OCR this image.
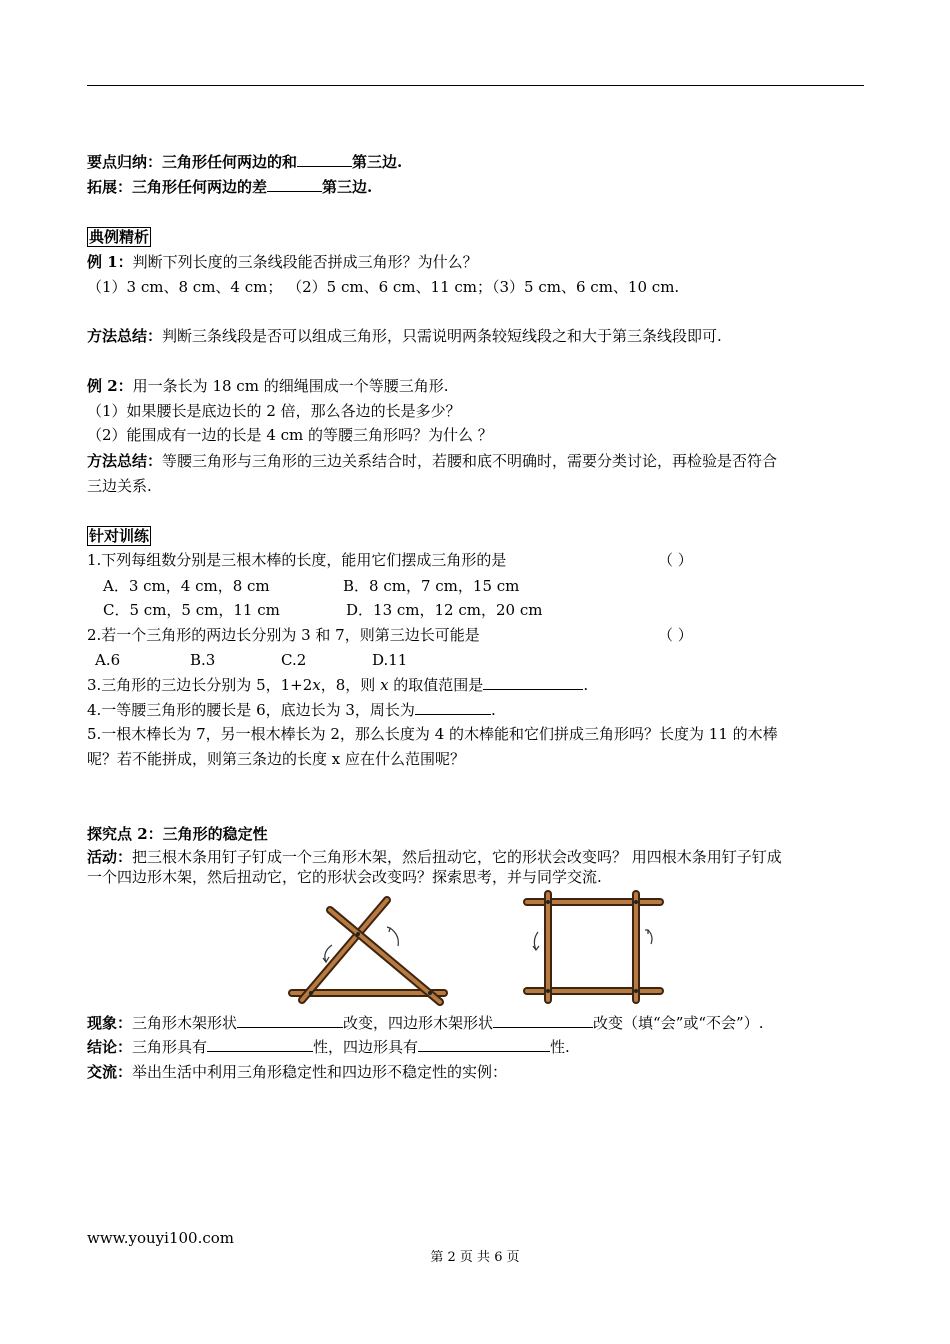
要点归纳：三角形任何两边的和	第三边.
拓展：三角形任何两边的差	第三边.
典例精析
例 1：判断下列长度的三条线段能否拼成三角形？为什么？
（1）3 cm、8 cm、4 cm； （2）5 cm、6 cm、11 cm；（3）5 cm、6 cm、10 cm.
方法总结：判断三条线段是否可以组成三角形，只需说明两条较短线段之和大于第三条线段即可.
例 2：用一条长为 18 cm 的细绳围成一个等腰三角形.
（1）如果腰长是底边长的 2 倍，那么各边的长是多少？
（2）能围成有一边的长是 4 cm 的等腰三角形吗？为什么 ？
方法总结：等腰三角形与三角形的三边关系结合时，若腰和底不明确时，需要分类讨论，再检验是否符合
三边关系.
针对训练
1.下列每组数分别是三根木棒的长度，能用它们摆成三角形的是	（ ）
A．3 cm，4 cm，8 cm	B．8 cm，7 cm，15 cm
C．5 cm，5 cm，11 cm	D．13 cm，12 cm，20 cm
2.若一个三角形的两边长分别为 3 和 7，则第三边长可能是	（ ）
A.6	B.3	C.2	D.11
3.三角形的三边长分别为 5，1+2x，8，则 x 的取值范围是	.
4.一等腰三角形的腰长是 6，底边长为 3，周长为	.
5.一根木棒长为 7，另一根木棒长为 2，那么长度为 4 的木棒能和它们拼成三角形吗？长度为 11 的木棒
呢？若不能拼成，则第三条边的长度 x 应在什么范围呢？
探究点 2：三角形的稳定性
活动：把三根木条用钉子钉成一个三角形木架，然后扭动它，它的形状会改变吗？ 用四根木条用钉子钉成
一个四边形木架，然后扭动它，它的形状会改变吗？探索思考，并与同学交流.
现象：三角形木架形状	改变，四边形木架形状	改变（填“会”或“不会”）.
结论：三角形具有	性，四边形具有	性.
交流：举出生活中利用三角形稳定性和四边形不稳定性的实例：
www.youyi100.com
第 2 页 共 6 页
